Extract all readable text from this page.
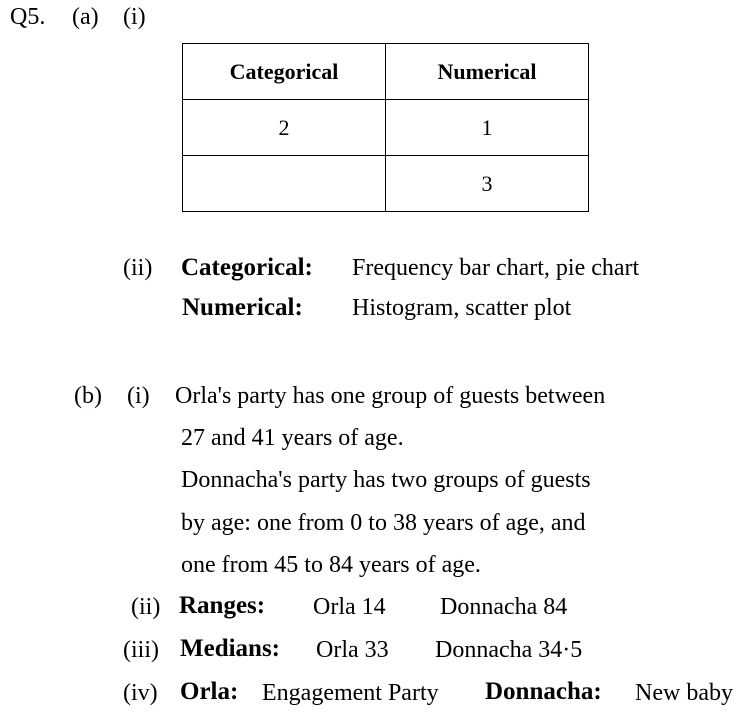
Q5. (a) (i)
Categorical	Numerical
2	1
	3
(ii) Categorical: Frequency bar chart, pie chart
Numerical: Histogram, scatter plot
(b) (i) Orla's party has one group of guests between
27 and 41 years of age.
Donnacha's party has two groups of guests
by age: one from 0 to 38 years of age, and
one from 45 to 84 years of age.
(ii) Ranges: Orla 14 Donnacha 84
(iii) Medians: Orla 33 Donnacha 34·5
(iv) Orla: Engagement Party Donnacha: New baby
